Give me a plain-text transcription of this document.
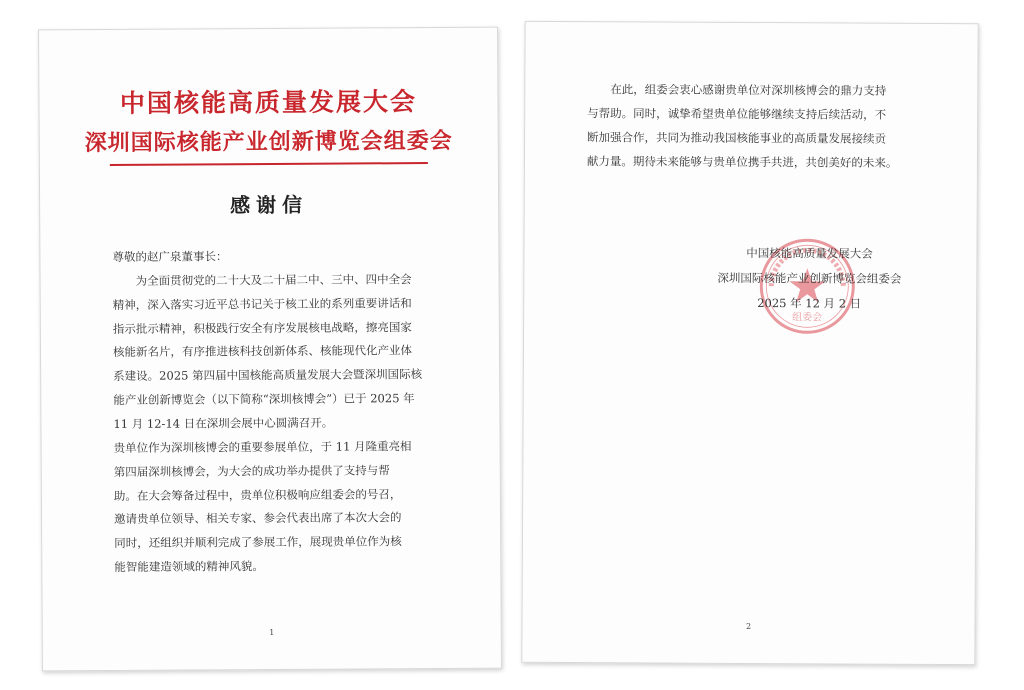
中国核能高质量发展大会
深圳国际核能产业创新博览会组委会
感谢信
尊敬的赵广泉董事长：
　　为全面贯彻党的二十大及二十届二中、三中、四中全会
精神，深入落实习近平总书记关于核工业的系列重要讲话和
指示批示精神，积极践行安全有序发展核电战略，擦亮国家
核能新名片，有序推进核科技创新体系、核能现代化产业体
系建设。2025 第四届中国核能高质量发展大会暨深圳国际核
能产业创新博览会（以下简称“深圳核博会”）已于 2025 年
11 月 12-14 日在深圳会展中心圆满召开。
贵单位作为深圳核博会的重要参展单位，于 11 月隆重亮相
第四届深圳核博会，为大会的成功举办提供了支持与帮
助。在大会筹备过程中，贵单位积极响应组委会的号召，
邀请贵单位领导、相关专家、参会代表出席了本次大会的
同时，还组织并顺利完成了参展工作，展现贵单位作为核
能智能建造领域的精神风貌。
1
　　在此，组委会衷心感谢贵单位对深圳核博会的鼎力支持
与帮助。同时，诚挚希望贵单位能够继续支持后续活动，不
断加强合作，共同为推动我国核能事业的高质量发展接续贡
献力量。期待未来能够与贵单位携手共进，共创美好的未来。
组委会
中国核能高质量发展大会
深圳国际核能产业创新博览会组委会
2025 年 12 月 2 日
2
